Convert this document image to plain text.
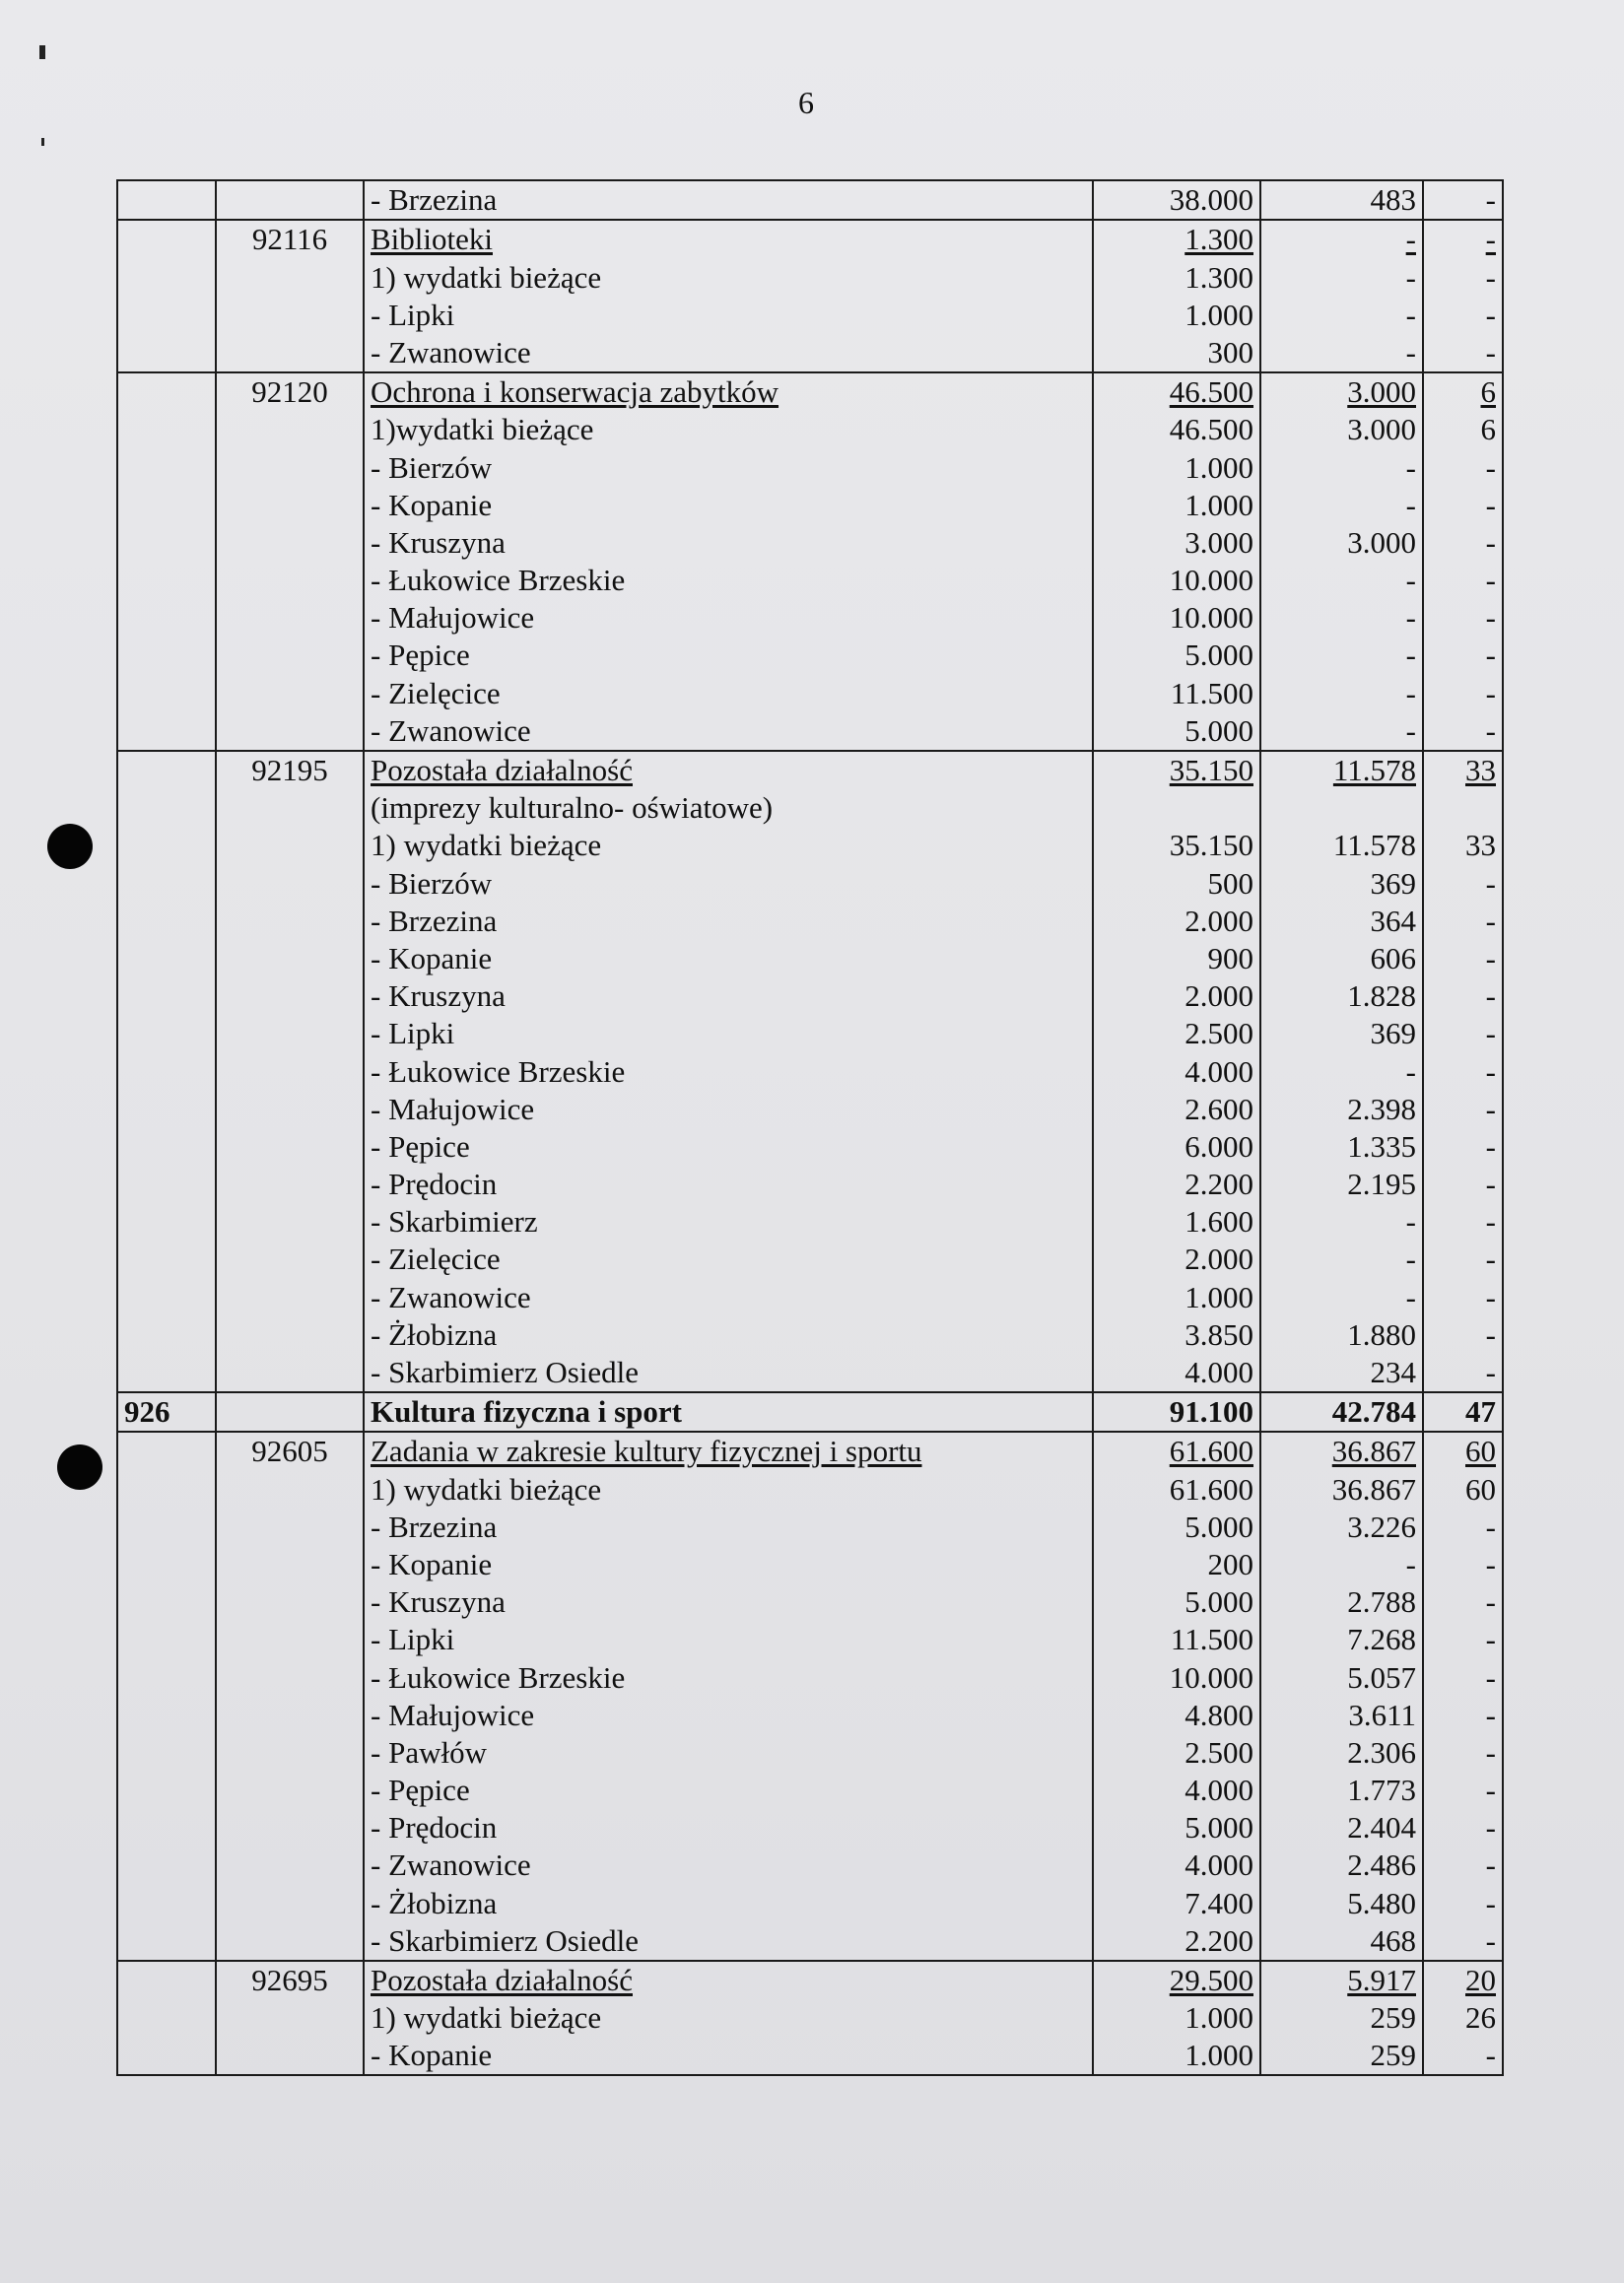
6
		- Brzezina	38.000	483	-
	92116	Biblioteki	1.300	-	-
		1) wydatki bieżące	1.300	-	-
		- Lipki	1.000	-	-
		- Zwanowice	300	-	-
	92120	Ochrona i konserwacja zabytków	46.500	3.000	6
		1)wydatki bieżące	46.500	3.000	6
		- Bierzów	1.000	-	-
		- Kopanie	1.000	-	-
		- Kruszyna	3.000	3.000	-
		- Łukowice Brzeskie	10.000	-	-
		- Małujowice	10.000	-	-
		- Pępice	5.000	-	-
		- Zielęcice	11.500	-	-
		- Zwanowice	5.000	-	-
	92195	Pozostała działalność	35.150	11.578	33
		(imprezy kulturalno- oświatowe)			
		1) wydatki bieżące	35.150	11.578	33
		- Bierzów	500	369	-
		- Brzezina	2.000	364	-
		- Kopanie	900	606	-
		- Kruszyna	2.000	1.828	-
		- Lipki	2.500	369	-
		- Łukowice Brzeskie	4.000	-	-
		- Małujowice	2.600	2.398	-
		- Pępice	6.000	1.335	-
		- Prędocin	2.200	2.195	-
		- Skarbimierz	1.600	-	-
		- Zielęcice	2.000	-	-
		- Zwanowice	1.000	-	-
		- Żłobizna	3.850	1.880	-
		- Skarbimierz Osiedle	4.000	234	-
926		Kultura fizyczna i sport	91.100	42.784	47
	92605	Zadania w zakresie kultury fizycznej i sportu	61.600	36.867	60
		1) wydatki bieżące	61.600	36.867	60
		- Brzezina	5.000	3.226	-
		- Kopanie	200	-	-
		- Kruszyna	5.000	2.788	-
		- Lipki	11.500	7.268	-
		- Łukowice Brzeskie	10.000	5.057	-
		- Małujowice	4.800	3.611	-
		- Pawłów	2.500	2.306	-
		- Pępice	4.000	1.773	-
		- Prędocin	5.000	2.404	-
		- Zwanowice	4.000	2.486	-
		- Żłobizna	7.400	5.480	-
		- Skarbimierz Osiedle	2.200	468	-
	92695	Pozostała działalność	29.500	5.917	20
		1) wydatki bieżące	1.000	259	26
		- Kopanie	1.000	259	-
